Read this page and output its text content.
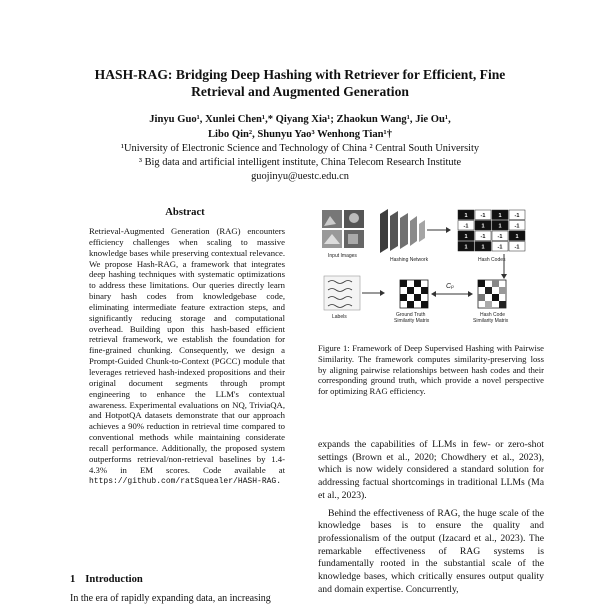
HASH-RAG: Bridging Deep Hashing with Retriever for Efficient, Fine
Retrieval and Augmented Generation
Jinyu Guo¹, Xunlei Chen¹,* Qiyang Xia¹; Zhaokun Wang¹, Jie Ou¹,
Libo Qin², Shunyu Yao³ Wenhong Tian¹†
¹University of Electronic Science and Technology of China ² Central South University
³ Big data and artificial intelligent institute, China Telecom Research Institute
guojinyu@uestc.edu.cn
Abstract
Retrieval-Augmented Generation (RAG) encounters efficiency challenges when scaling to massive knowledge bases while preserving contextual relevance. We propose Hash-RAG, a framework that integrates deep hashing techniques with systematic optimizations to address these limitations. Our queries directly learn binary hash codes from knowledgebase code, eliminating intermediate feature extraction steps, and significantly reducing storage and computational overhead. Building upon this hash-based efficient retrieval framework, we establish the foundation for fine-grained chunking. Consequently, we design a Prompt-Guided Chunk-to-Context (PGCC) module that leverages retrieved hash-indexed propositions and their original document segments through prompt engineering to enhance the LLM's contextual awareness. Experimental evaluations on NQ, TriviaQA, and HotpotQA datasets demonstrate that our approach achieves a 90% reduction in retrieval time compared to conventional methods while maintaining considerate recall performance. Additionally, the proposed system outperforms retrieval/non-retrieval baselines by 1.4-4.3% in EM scores. Code available at https://github.com/ratSquealer/HASH-RAG.
1 Introduction
In the era of rapidly expanding data, an increasing
Input Images
Hashing Network
1 -1 1 -1
-1 1	1 -1
1 -1 -1 1
1	1 -1 -1
Hash Codes
Labels	Ground Truth
Similarity Matrix
Cₚ
Hash Code
Similarity Matrix
Figure 1: Framework of Deep Supervised Hashing with Pairwise Similarity. The framework computes similarity-preserving loss by aligning pairwise relationships between hash codes and their corresponding ground truth, which provide a novel perspective for optimizing RAG efficiency.

expands the capabilities of LLMs in few- or zero-shot settings (Brown et al., 2020; Chowdhery et al., 2023), which is now widely considered a standard solution for addressing factual shortcomings in traditional LLMs (Ma et al., 2023).

Behind the effectiveness of RAG, the huge scale of the knowledge bases is to ensure the quality and professionalism of the output (Izacard et al., 2023). The remarkable effectiveness of RAG systems is fundamentally rooted in the substantial scale of the knowledge bases, which critically ensures output quality and domain expertise. Concurrently,
